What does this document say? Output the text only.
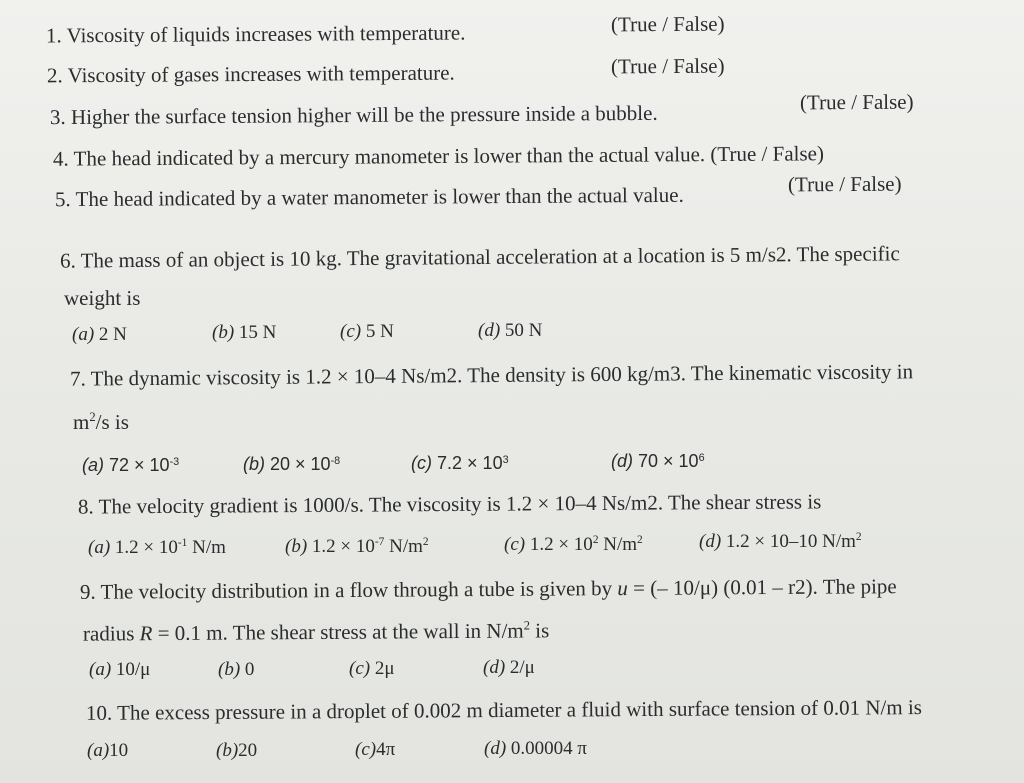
1. Viscosity of liquids increases with temperature.	(True / False)
2. Viscosity of gases increases with temperature.	(True / False)
3. Higher the surface tension higher will be the pressure inside a bubble.	(True / False)
4. The head indicated by a mercury manometer is lower than the actual value. (True / False)
5. The head indicated by a water manometer is lower than the actual value.	(True / False)
6. The mass of an object is 10 kg. The gravitational acceleration at a location is 5 m/s2. The specific
weight is
(a) 2 N	(b) 15 N	(c) 5 N	(d) 50 N
7. The dynamic viscosity is 1.2 × 10–4 Ns/m2. The density is 600 kg/m3. The kinematic viscosity in
$m^2/s$ is
(a) $72 \times 10^{-3}$	(b) $20 \times 10^{-8}$	(c) $7.2 \times 10^3$	(d) $70 \times 10^6$
8. The velocity gradient is 1000/s. The viscosity is 1.2 × 10–4 Ns/m2. The shear stress is
(a) $1.2 \times 10^{-1}$ N/m	(b) $1.2 \times 10^{-7}$ $N/m^2$	(c) $1.2 \times 10^2$ $N/m^2$	(d) 1.2 × 10–10 $N/m^2$
9. The velocity distribution in a flow through a tube is given by u = (– 10/μ) (0.01 – r2). The pipe
radius R = 0.1 m. The shear stress at the wall in $N/m^2$ is
(a) 10/μ	(b) 0	(c) 2μ	(d) 2/μ
10. The excess pressure in a droplet of 0.002 m diameter a fluid with surface tension of 0.01 N/m is
(a)10	(b)20	(c)4π	(d) 0.00004 π
